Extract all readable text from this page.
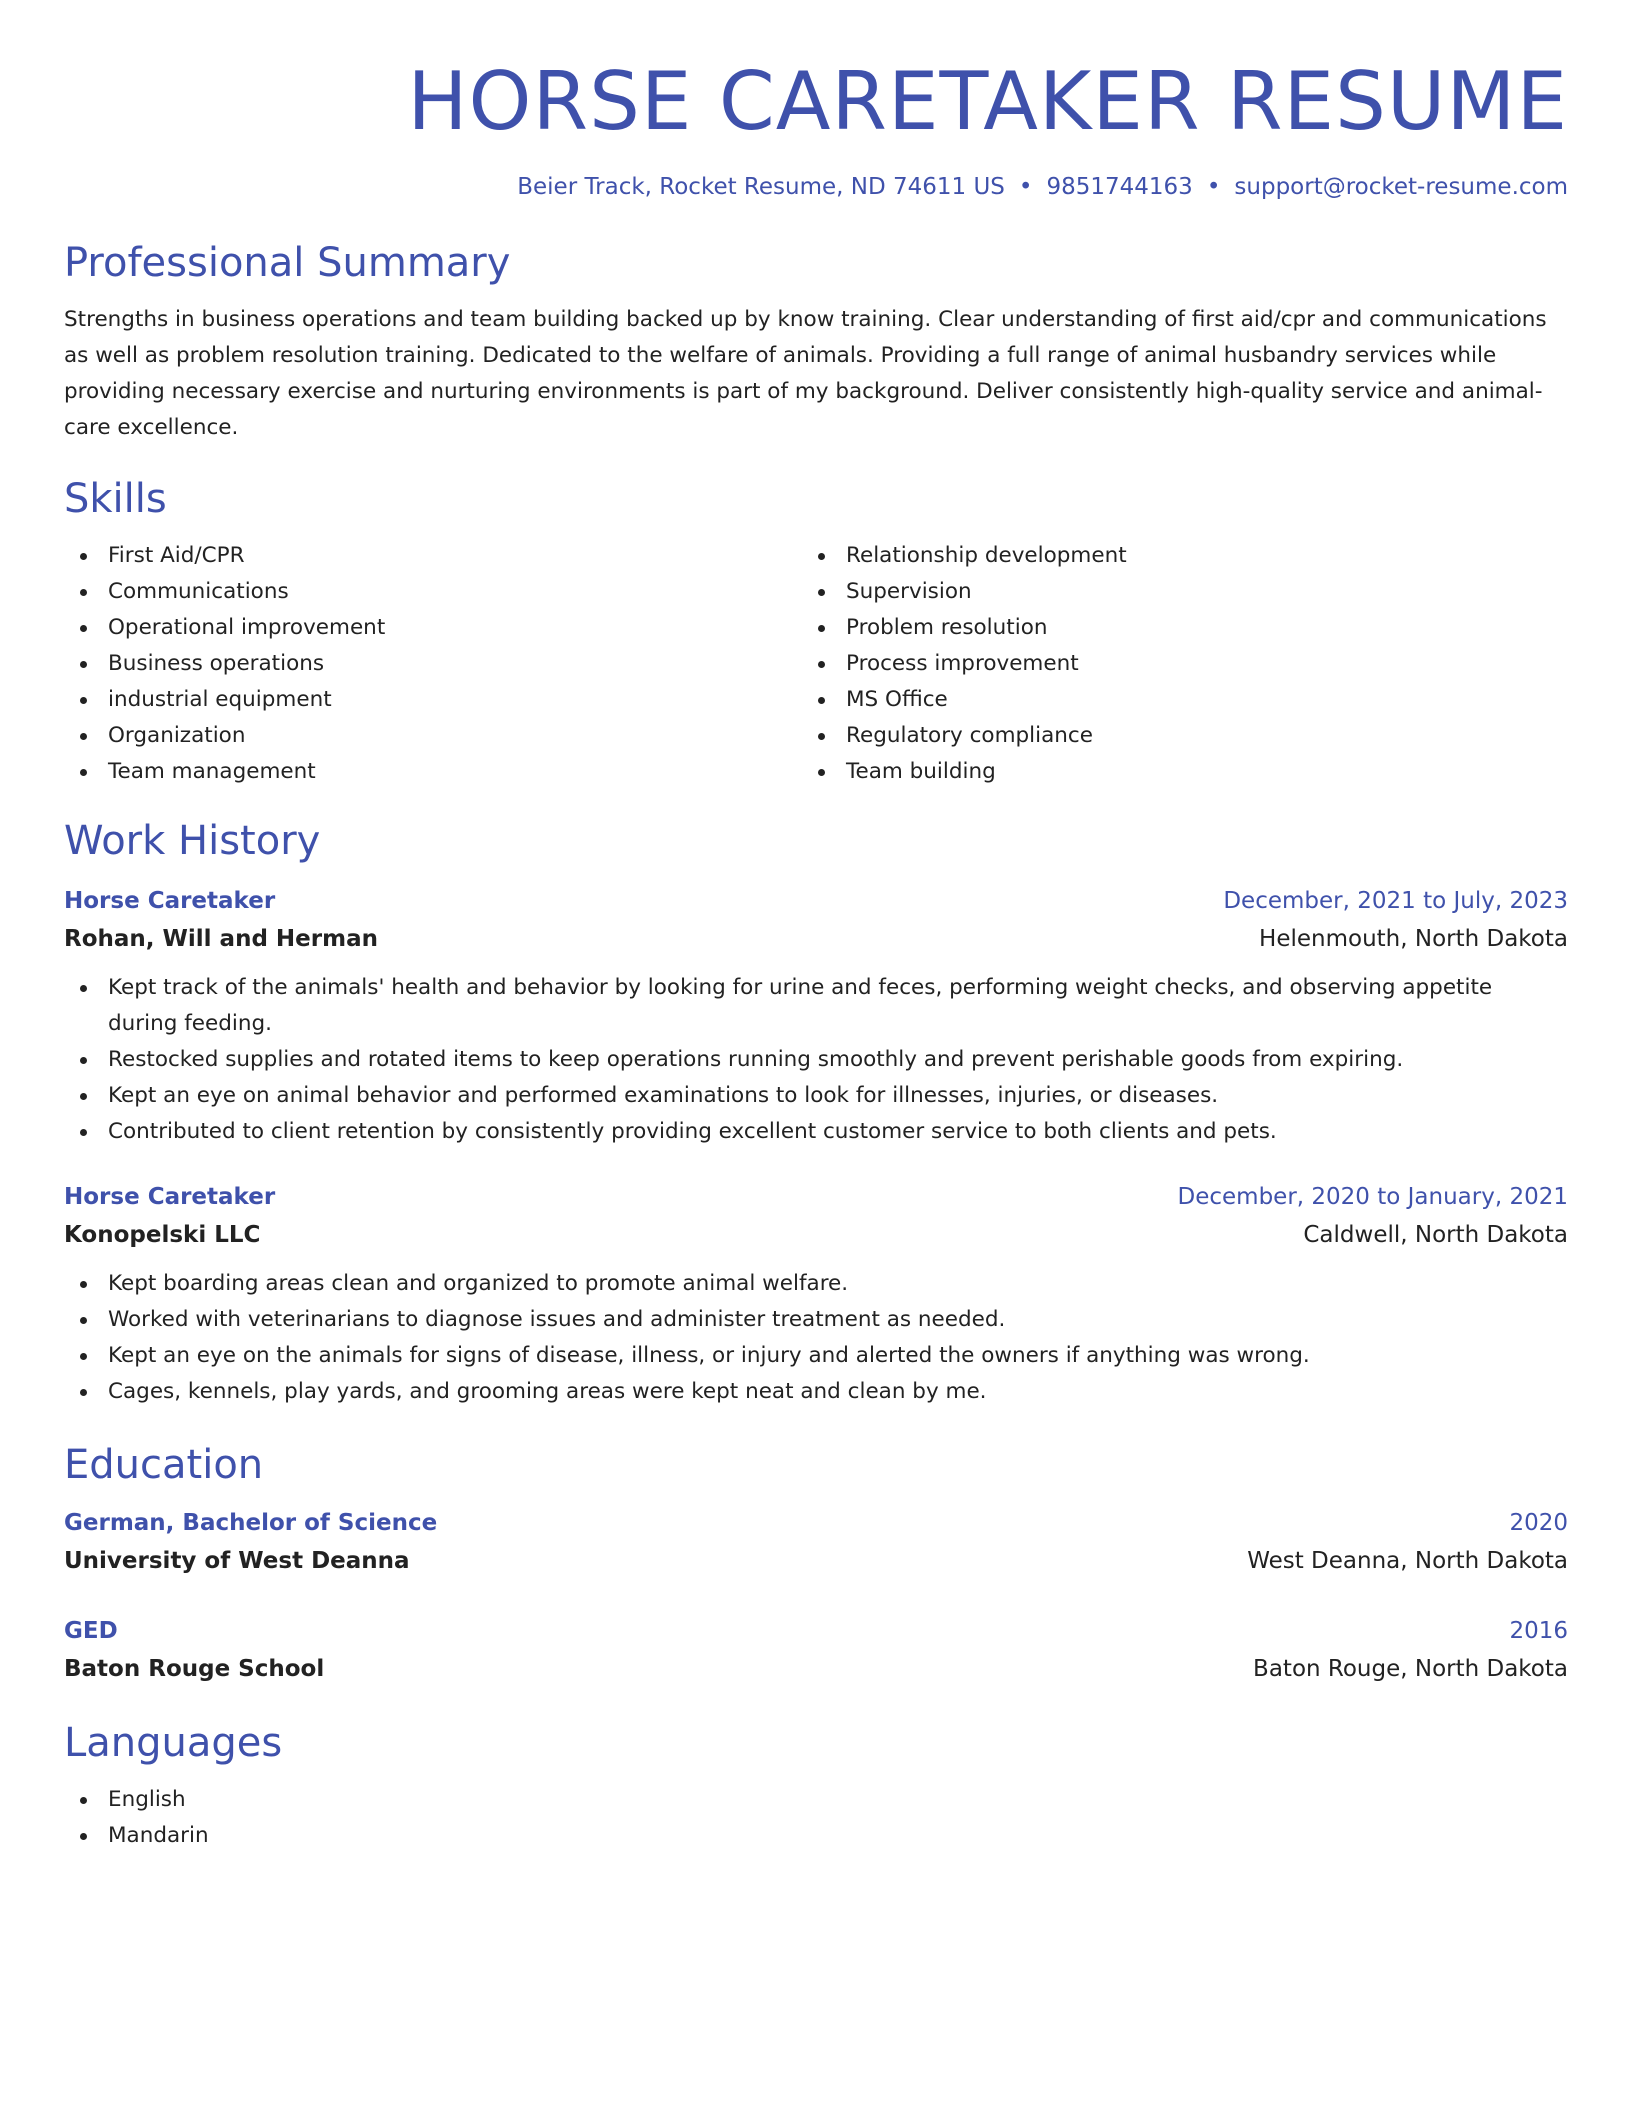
HORSE CARETAKER RESUME
Beier Track, Rocket Resume, ND 74611 US • 9851744163 • support@rocket-resume.com
Professional Summary
Strengths in business operations and team building backed up by know training. Clear understanding of first aid/cpr and communications as well as problem resolution training. Dedicated to the welfare of animals. Providing a full range of animal husbandry services while providing necessary exercise and nurturing environments is part of my background. Deliver consistently high-quality service and animal-care excellence.
Skills
First Aid/CPR
Communications
Operational improvement
Business operations
industrial equipment
Organization
Team management
Relationship development
Supervision
Problem resolution
Process improvement
MS Office
Regulatory compliance
Team building
Work History
Horse Caretaker	December, 2021 to July, 2023
Rohan, Will and Herman	Helenmouth, North Dakota
Kept track of the animals' health and behavior by looking for urine and feces, performing weight checks, and observing appetite during feeding.
Restocked supplies and rotated items to keep operations running smoothly and prevent perishable goods from expiring.
Kept an eye on animal behavior and performed examinations to look for illnesses, injuries, or diseases.
Contributed to client retention by consistently providing excellent customer service to both clients and pets.
Horse Caretaker	December, 2020 to January, 2021
Konopelski LLC	Caldwell, North Dakota
Kept boarding areas clean and organized to promote animal welfare.
Worked with veterinarians to diagnose issues and administer treatment as needed.
Kept an eye on the animals for signs of disease, illness, or injury and alerted the owners if anything was wrong.
Cages, kennels, play yards, and grooming areas were kept neat and clean by me.
Education
German, Bachelor of Science	2020
University of West Deanna	West Deanna, North Dakota
GED	2016
Baton Rouge School	Baton Rouge, North Dakota
Languages
English
Mandarin
